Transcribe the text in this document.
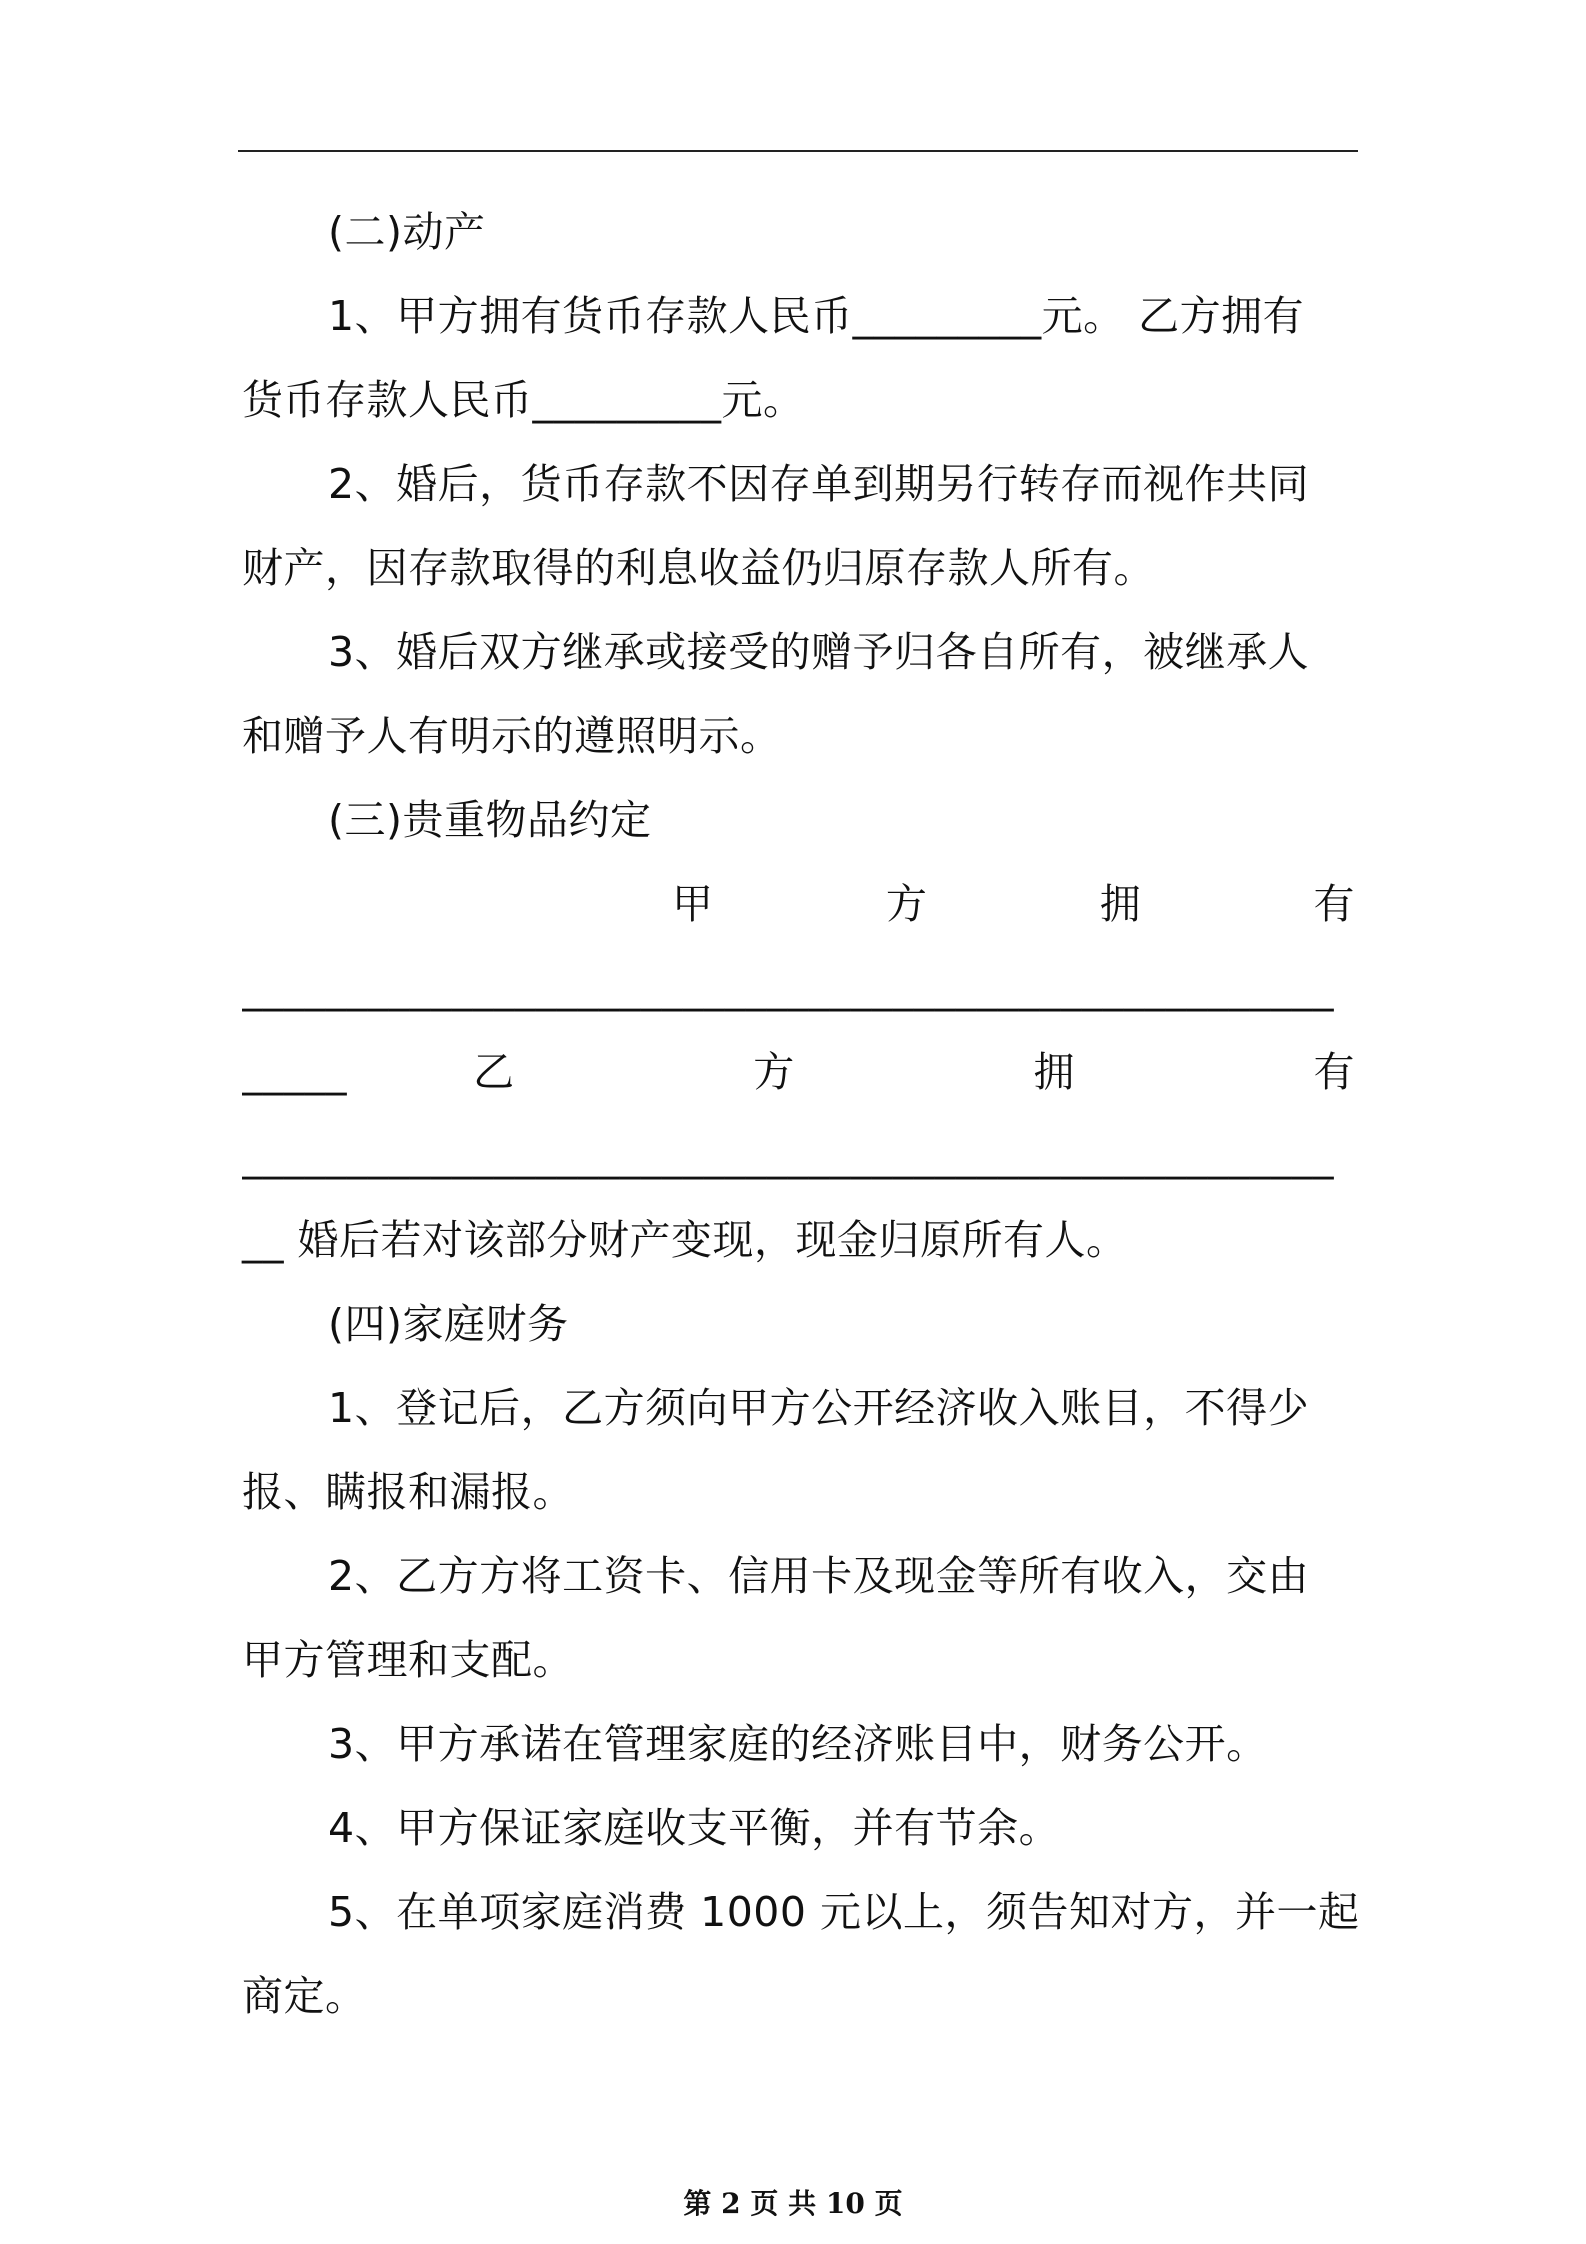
(二)动产
1、甲方拥有货币存款人民币_________元。 乙方拥有
货币存款人民币_________元。
2、婚后，货币存款不因存单到期另行转存而视作共同
财产，因存款取得的利息收益仍归原存款人所有。
3、婚后双方继承或接受的赠予归各自所有，被继承人
和赠予人有明示的遵照明示。
(三)贵重物品约定
甲 方 拥 有
____________________________________________________
_____ 乙 方 拥 有
____________________________________________________
__ 婚后若对该部分财产变现，现金归原所有人。
(四)家庭财务
1、登记后，乙方须向甲方公开经济收入账目，不得少
报、瞒报和漏报。
2、乙方方将工资卡、信用卡及现金等所有收入，交由
甲方管理和支配。
3、甲方承诺在管理家庭的经济账目中，财务公开。
4、甲方保证家庭收支平衡，并有节余。
5、在单项家庭消费 1000 元以上，须告知对方，并一起
商定。
第 2 页 共 10 页
